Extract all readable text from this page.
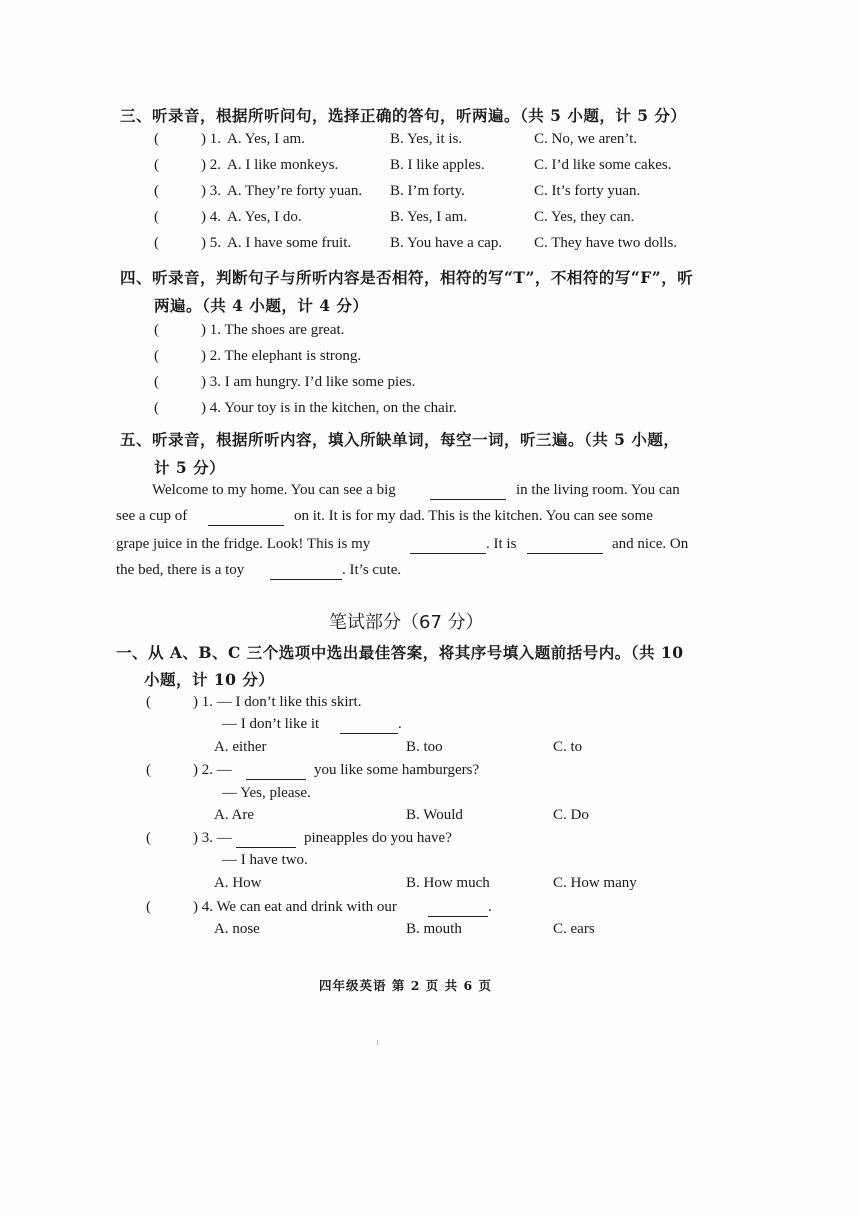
三、听录音，根据所听问句，选择正确的答句，听两遍。（共 5 小题，计 5 分）
(	) 1. A. Yes, I am.	B. Yes, it is.	C. No, we aren’t.
(	) 2. A. I like monkeys.	B. I like apples.	C. I’d like some cakes.
(	) 3. A. They’re forty yuan. B. I’m forty.	C. It’s forty yuan.
(	) 4. A. Yes, I do.	B. Yes, I am.	C. Yes, they can.
(	) 5. A. I have some fruit.	B. You have a cap. C. They have two dolls.
四、听录音，判断句子与所听内容是否相符，相符的写“T”，不相符的写“F”，听
两遍。（共 4 小题，计 4 分）
(	) 1. The shoes are great.
(	) 2. The elephant is strong.
(	) 3. I am hungry. I’d like some pies.
(	) 4. Your toy is in the kitchen, on the chair.
五、听录音，根据所听内容，填入所缺单词，每空一词，听三遍。（共 5 小题，
计 5 分）
Welcome to my home. You can see a big	in the living room. You can
see a cup of	on it. It is for my dad. This is the kitchen. You can see some
grape juice in the fridge. Look! This is my	. It is	and nice. On
the bed, there is a toy	. It’s cute.
笔试部分（67 分）
一、从 A、B、C 三个选项中选出最佳答案，将其序号填入题前括号内。（共 10
小题，计 10 分）
(	) 1. — I don’t like this skirt.
— I don’t like it	.
A. either	B. too	C. to
(	) 2. —	you like some hamburgers?
— Yes, please.
A. Are	B. Would	C. Do
(	) 3. —	pineapples do you have?
— I have two.
A. How	B. How much	C. How many
(	) 4. We can eat and drink with our	.
A. nose	B. mouth	C. ears
四年级英语 第 2 页 共 6 页
